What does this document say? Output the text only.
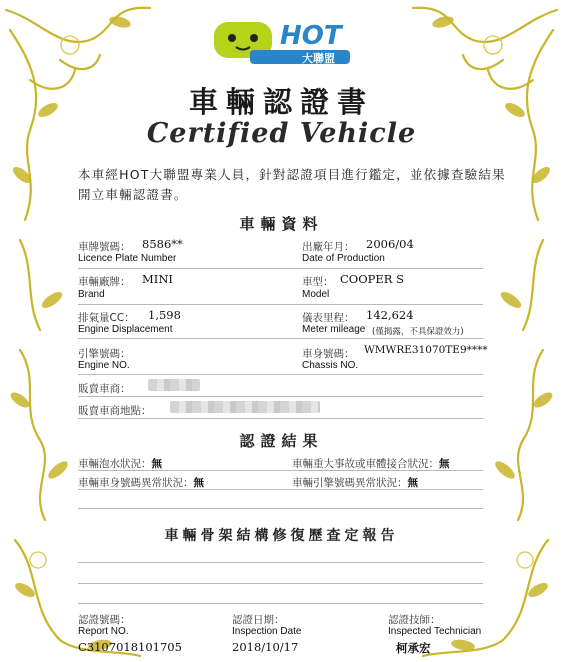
HOT
大聯盟
車輛認證書
Certified Vehicle
本車經HOT大聯盟專業人員，針對認證項目進行鑑定，並依據查驗結果開立車輛認證書。
車輛資料
車牌號碼： 8586**
Licence Plate Number
出廠年月： 2006/04
Date of Production
車輛廠牌： MINI
Brand
車型： COOPER S
Model
排氣量CC： 1,598
Engine Displacement
儀表里程： 142,624
Meter mileage (僅揭露，不具保證效力)
引擎號碼：
Engine NO.
車身號碼： WMWRE31070TE9****
Chassis NO.
販賣車商：
販賣車商地點：
認證結果
車輛泡水狀況：無	車輛重大事故或車體接合狀況：無
車輛車身號碼異常狀況：無	車輛引擎號碼異常狀況：無
車輛骨架結構修復歷查定報告
認證號碼：
Report NO.
C3107018101705
認證日期：
Inspection Date
2018/10/17
認證技師：
Inspected Technician
柯承宏
